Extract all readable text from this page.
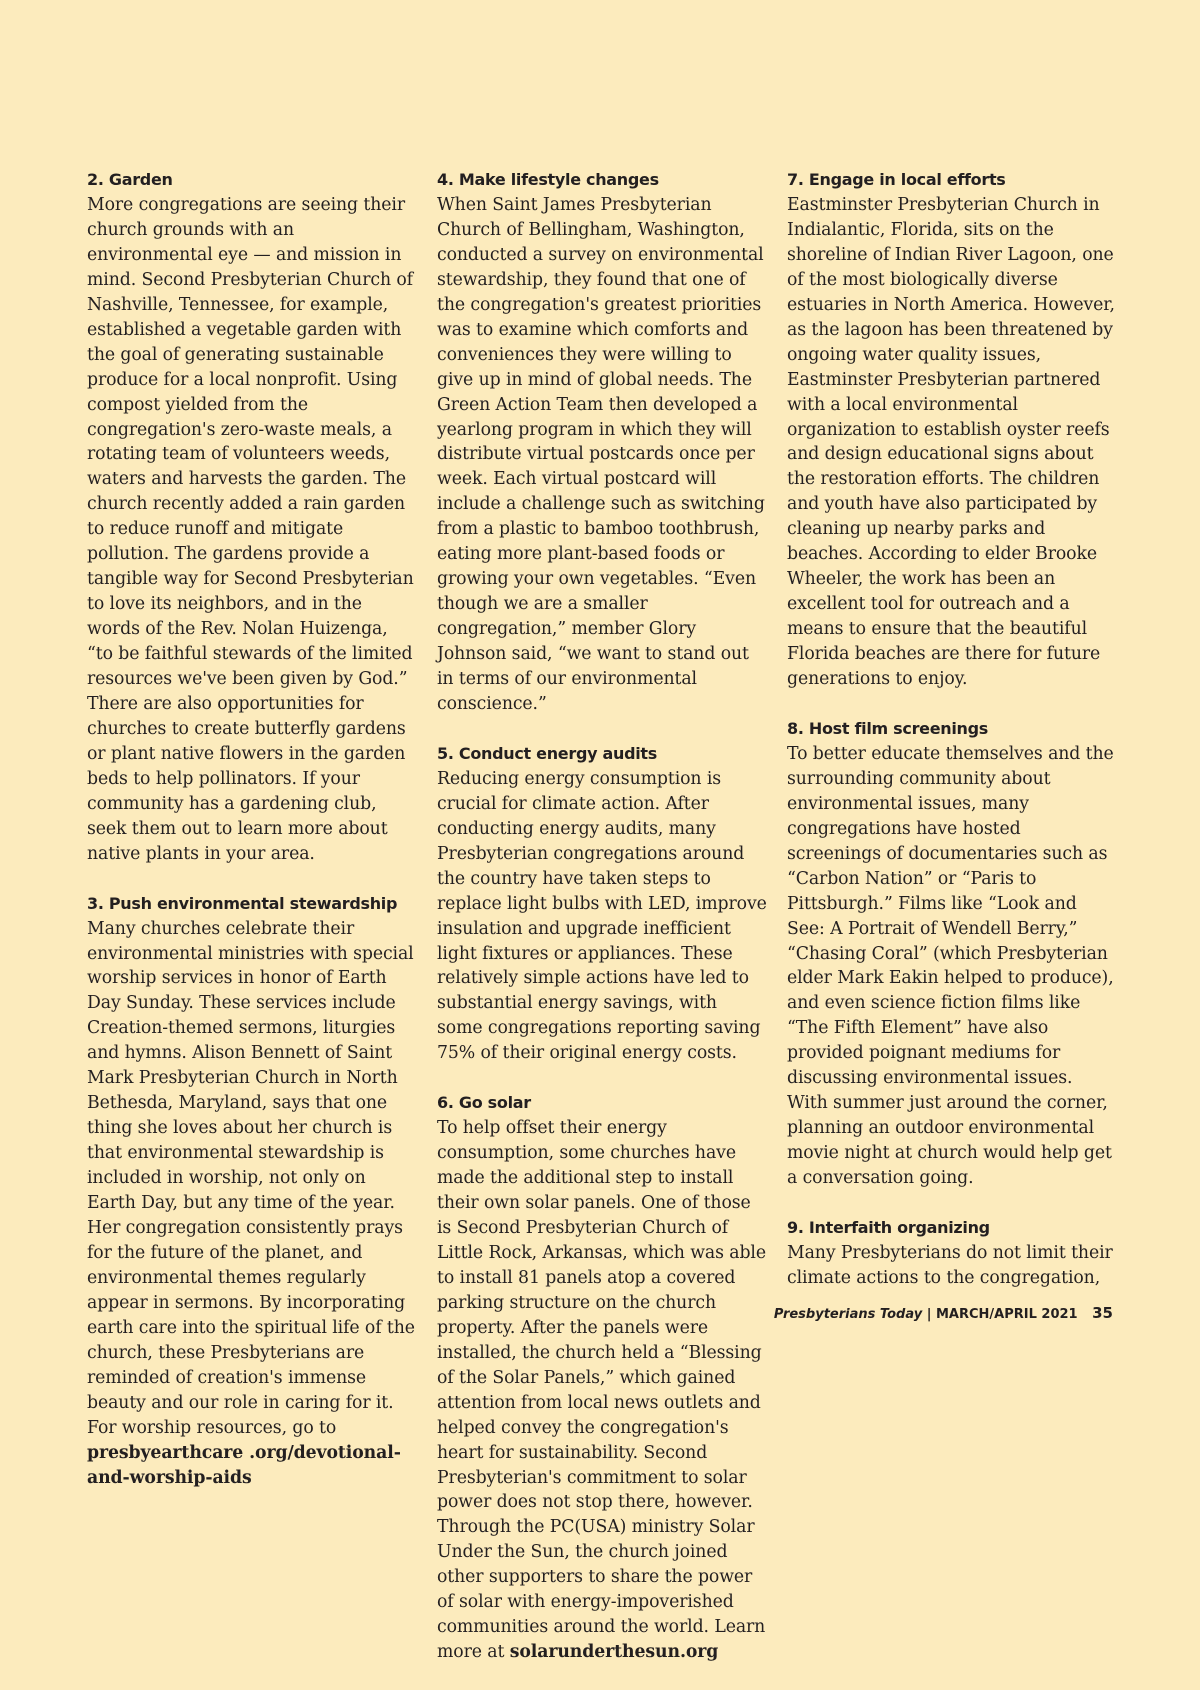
2. Garden
More congregations are seeing their church grounds with an environmental eye — and mission in mind. Second Presbyterian Church of Nashville, Tennessee, for example, established a vegetable garden with the goal of generating sustainable produce for a local nonprofit. Using compost yielded from the congregation's zero-waste meals, a rotating team of volunteers weeds, waters and harvests the garden. The church recently added a rain garden to reduce runoff and mitigate pollution. The gardens provide a tangible way for Second Presbyterian to love its neighbors, and in the words of the Rev. Nolan Huizenga, “to be faithful stewards of the limited resources we've been given by God.” There are also opportunities for churches to create butterfly gardens or plant native flowers in the garden beds to help pollinators. If your community has a gardening club, seek them out to learn more about native plants in your area.
3. Push environmental stewardship
Many churches celebrate their environmental ministries with special worship services in honor of Earth Day Sunday. These services include Creation-themed sermons, liturgies and hymns. Alison Bennett of Saint Mark Presbyterian Church in North Bethesda, Maryland, says that one thing she loves about her church is that environmental stewardship is included in worship, not only on Earth Day, but any time of the year. Her congregation consistently prays for the future of the planet, and environmental themes regularly appear in sermons. By incorporating earth care into the spiritual life of the church, these Presbyterians are reminded of creation's immense beauty and our role in caring for it. For worship resources, go to presbyearthcare .org/devotional-and-worship-aids
4. Make lifestyle changes
When Saint James Presbyterian Church of Bellingham, Washington, conducted a survey on environmental stewardship, they found that one of the congregation's greatest priorities was to examine which comforts and conveniences they were willing to give up in mind of global needs. The Green Action Team then developed a yearlong program in which they will distribute virtual postcards once per week. Each virtual postcard will include a challenge such as switching from a plastic to bamboo toothbrush, eating more plant-based foods or growing your own vegetables. “Even though we are a smaller congregation,” member Glory Johnson said, “we want to stand out in terms of our environmental conscience.”
5. Conduct energy audits
Reducing energy consumption is crucial for climate action. After conducting energy audits, many Presbyterian congregations around the country have taken steps to replace light bulbs with LED, improve insulation and upgrade inefficient light fixtures or appliances. These relatively simple actions have led to substantial energy savings, with some congregations reporting saving 75% of their original energy costs.
6. Go solar
To help offset their energy consumption, some churches have made the additional step to install their own solar panels. One of those is Second Presbyterian Church of Little Rock, Arkansas, which was able to install 81 panels atop a covered parking structure on the church property. After the panels were installed, the church held a “Blessing of the Solar Panels,” which gained attention from local news outlets and helped convey the congregation's heart for sustainability. Second Presbyterian's commitment to solar power does not stop there, however. Through the PC(USA) ministry Solar Under the Sun, the church joined other supporters to share the power of solar with energy-impoverished communities around the world. Learn more at solarunderthesun.org
7. Engage in local efforts
Eastminster Presbyterian Church in Indialantic, Florida, sits on the shoreline of Indian River Lagoon, one of the most biologically diverse estuaries in North America. However, as the lagoon has been threatened by ongoing water quality issues, Eastminster Presbyterian partnered with a local environmental organization to establish oyster reefs and design educational signs about the restoration efforts. The children and youth have also participated by cleaning up nearby parks and beaches. According to elder Brooke Wheeler, the work has been an excellent tool for outreach and a means to ensure that the beautiful Florida beaches are there for future generations to enjoy.
8. Host film screenings
To better educate themselves and the surrounding community about environmental issues, many congregations have hosted screenings of documentaries such as “Carbon Nation” or “Paris to Pittsburgh.” Films like “Look and See: A Portrait of Wendell Berry,” “Chasing Coral” (which Presbyterian elder Mark Eakin helped to produce), and even science fiction films like “The Fifth Element” have also provided poignant mediums for discussing environmental issues. With summer just around the corner, planning an outdoor environmental movie night at church would help get a conversation going.
9. Interfaith organizing
Many Presbyterians do not limit their climate actions to the congregation,
Presbyterians Today | MARCH/APRIL 2021 35
